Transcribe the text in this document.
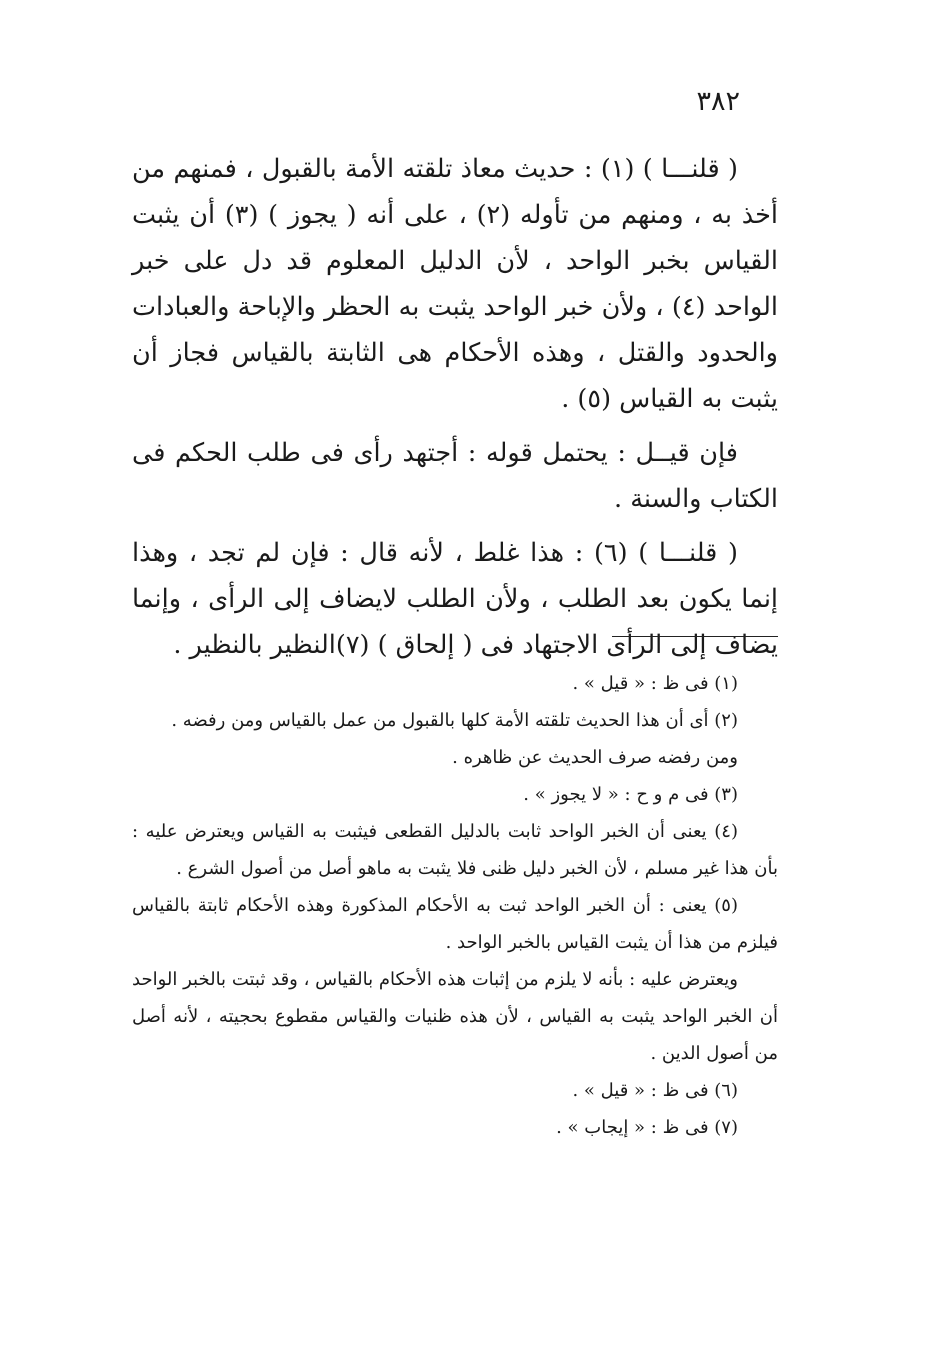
٣٨٢

( قلنـــا ) (١) : حديث معاذ تلقته الأمة بالقبول ، فمنهم من أخذ به ، ومنهم من تأوله (٢) ، على أنه ( يجوز ) (٣) أن يثبت القياس بخبر الواحد ، لأن الدليل المعلوم قد دل على خبر الواحد (٤) ، ولأن خبر الواحد يثبت به الحظر والإباحة والعبادات والحدود والقتل ، وهذه الأحكام هى الثابتة بالقياس فجاز أن يثبت به القياس (٥) .

فإن قيــل : يحتمل قوله : أجتهد رأى فى طلب الحكم فى الكتاب والسنة .

( قلنـــا ) (٦) : هذا غلط ، لأنه قال : فإن لم تجد ، وهذا إنما يكون بعد الطلب ، ولأن الطلب لايضاف إلى الرأى ، وإنما يضاف إلى الرأى الاجتهاد فى ( إلحاق ) (٧)النظير بالنظير .

(١) فى ظ : « قيل » .

(٢) أى أن هذا الحديث تلقته الأمة كلها بالقبول من عمل بالقياس ومن رفضه .

ومن رفضه صرف الحديث عن ظاهره .

(٣) فى م و ح : « لا يجوز » .

(٤) يعنى أن الخبر الواحد ثابت بالدليل القطعى فيثبت به القياس ويعترض عليه : بأن هذا غير مسلم ، لأن الخبر دليل ظنى فلا يثبت به ماهو أصل من أصول الشرع .

(٥) يعنى : أن الخبر الواحد ثبت به الأحكام المذكورة وهذه الأحكام ثابتة بالقياس فيلزم من هذا أن يثبت القياس بالخبر الواحد .

ويعترض عليه : بأنه لا يلزم من إثبات هذه الأحكام بالقياس ، وقد ثبتت بالخبر الواحد أن الخبر الواحد يثبت به القياس ، لأن هذه ظنيات والقياس مقطوع بحجيته ، لأنه أصل من أصول الدين .

(٦) فى ظ : « قيل » .

(٧) فى ظ : « إيجاب » .
